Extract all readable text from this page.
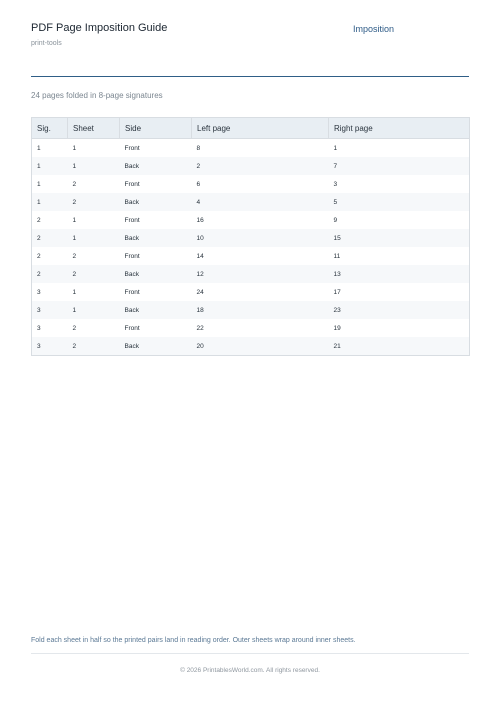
PDF Page Imposition Guide
print-tools
Imposition
24 pages folded in 8-page signatures
Sig.	Sheet	Side	Left page	Right page
1	1	Front	8	1
1	1	Back	2	7
1	2	Front	6	3
1	2	Back	4	5
2	1	Front	16	9
2	1	Back	10	15
2	2	Front	14	11
2	2	Back	12	13
3	1	Front	24	17
3	1	Back	18	23
3	2	Front	22	19
3	2	Back	20	21
Fold each sheet in half so the printed pairs land in reading order. Outer sheets wrap around inner sheets.
© 2026 PrintablesWorld.com. All rights reserved.
